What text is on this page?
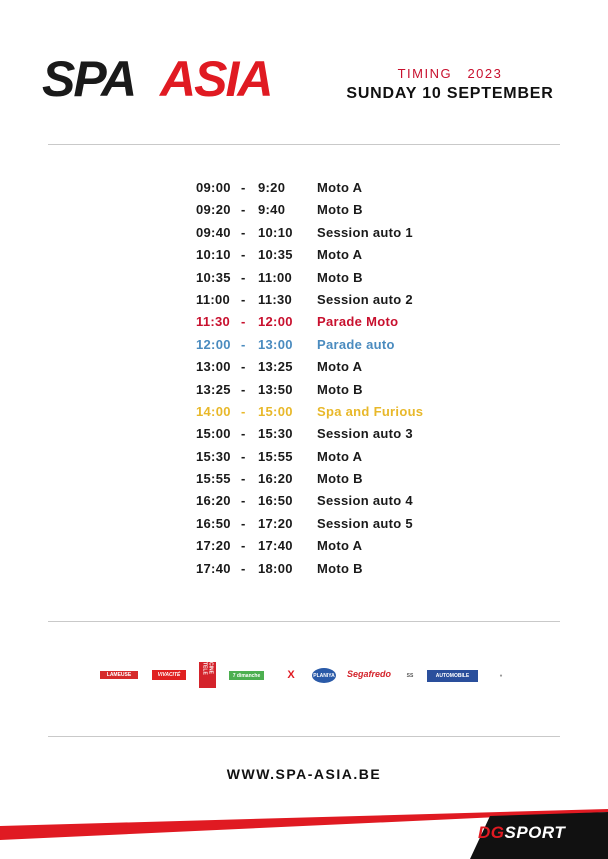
SPA ASIA	TIMING 2023
SUNDAY 10 SEPTEMBER
09:00 - 9:20 Moto A
09:20 - 9:40 Moto B
09:40 - 10:10 Session auto 1
10:10 - 10:35 Moto A
10:35 - 11:00 Moto B
11:00 - 11:30 Session auto 2
11:30 - 12:00 Parade Moto
12:00 - 13:00 Parade auto
13:00 - 13:25 Moto A
13:25 - 13:50 Moto B
14:00 - 15:00 Spa and Furious
15:00 - 15:30 Session auto 3
15:30 - 15:55 Moto A
15:55 - 16:20 Moto B
16:20 - 16:50 Session auto 4
16:50 - 17:20 Session auto 5
17:20 - 17:40 Moto A
17:40 - 18:00 Moto B
LAMEUSE	VIVACITÉ
CINE TELE
7 dimanche X	PLANIYA Segafredo	SS	AUTOMOBILE	●
WWW.SPA-ASIA.BE
DGSPORT
